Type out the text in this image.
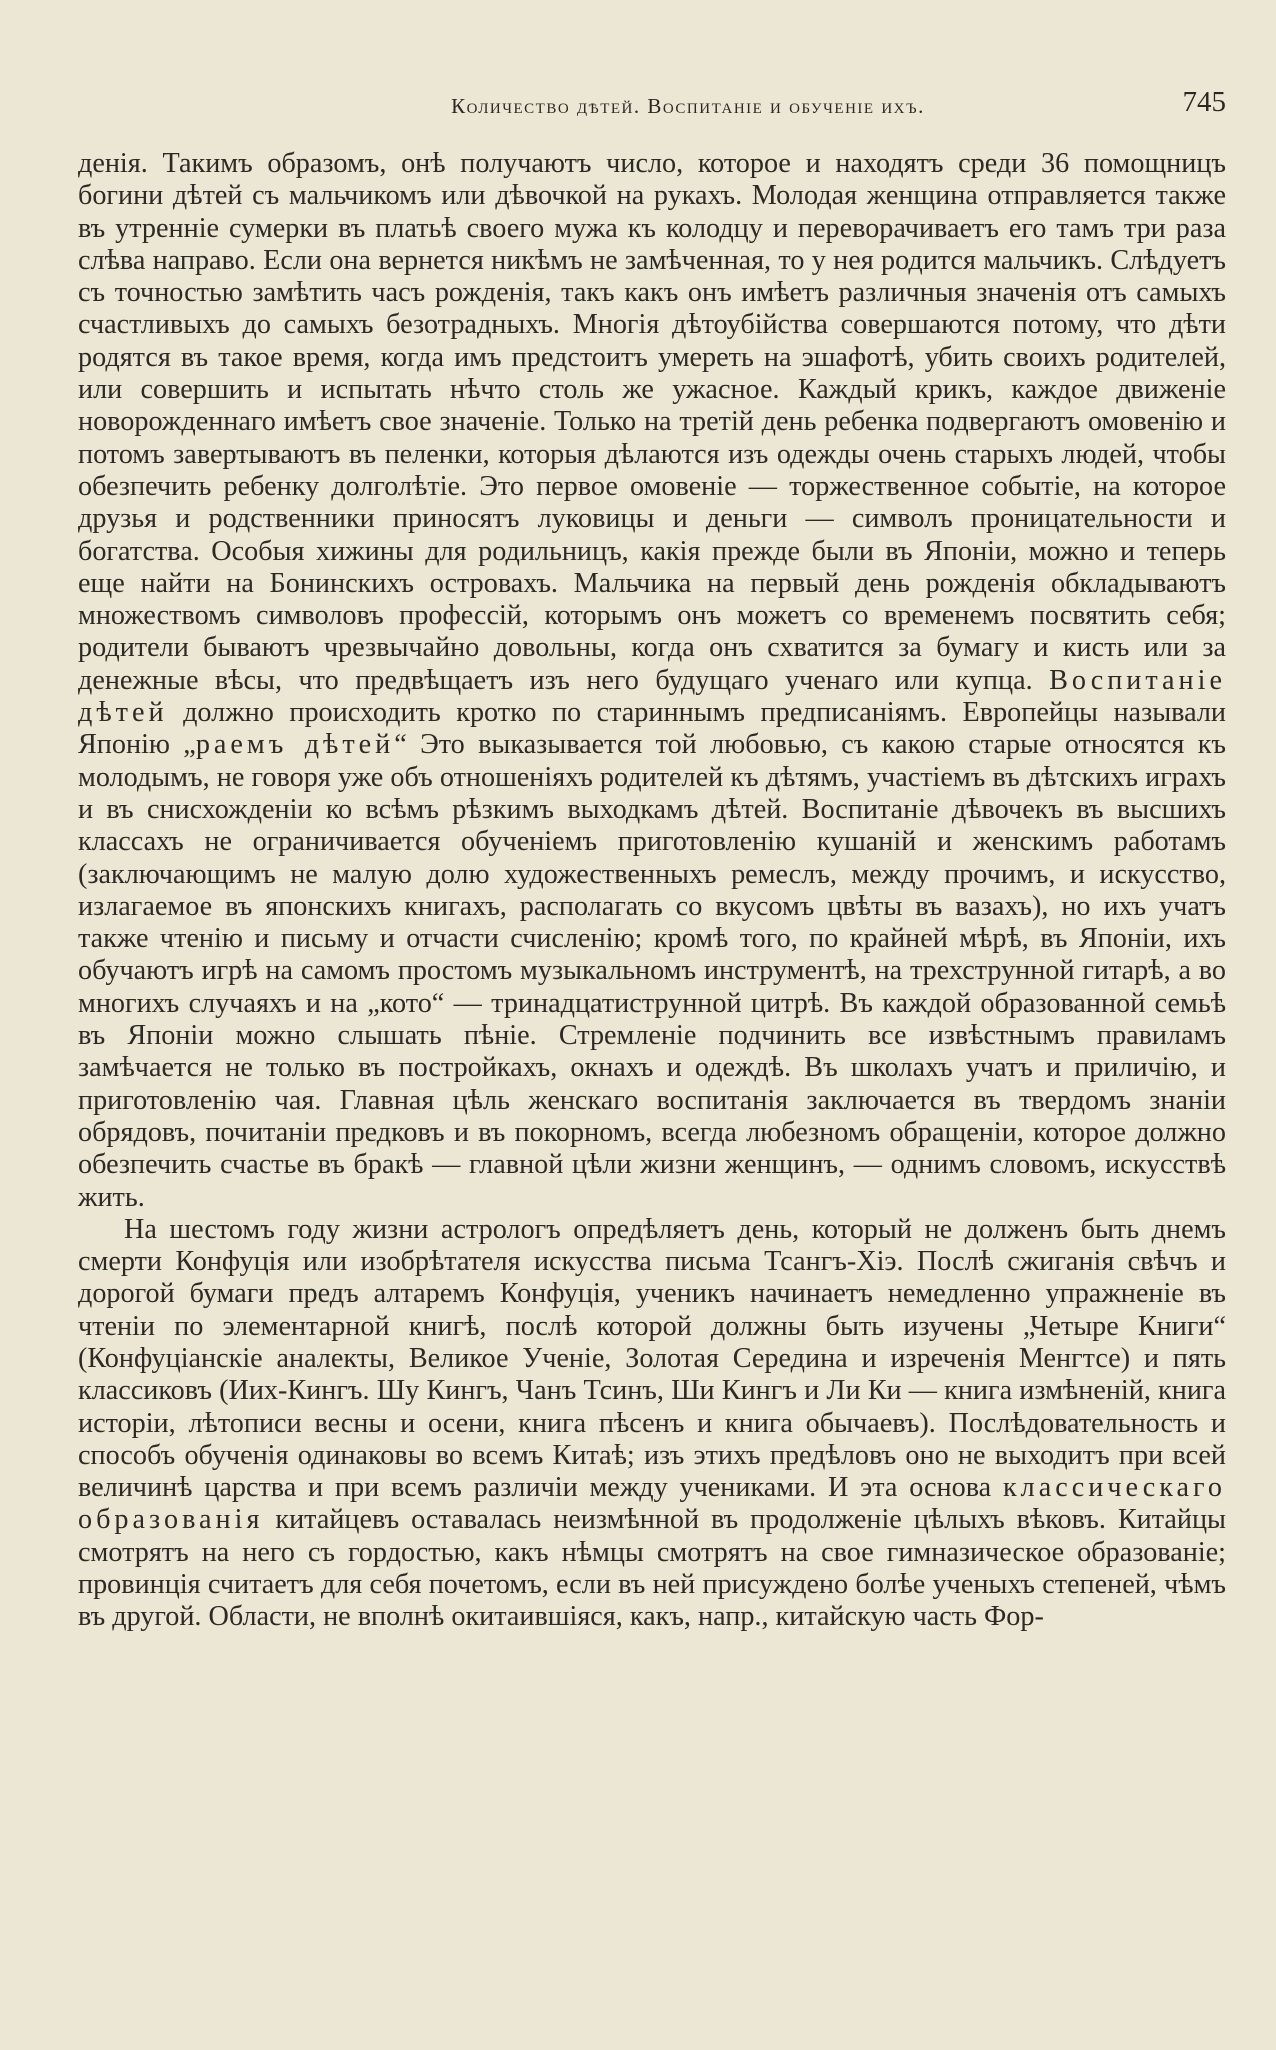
Количество дѣтей. Воспитаніе и обученіе ихъ.	745

денія. Такимъ образомъ, онѣ получаютъ число, которое и находятъ среди 36 помощницъ богини дѣтей съ мальчикомъ или дѣвочкой на рукахъ. Молодая женщина отправляется также въ утренніе сумерки въ платьѣ своего мужа къ колодцу и переворачиваетъ его тамъ три раза слѣва направо. Если она вернется никѣмъ не замѣченная, то у нея родится мальчикъ. Слѣдуетъ съ точностью замѣтить часъ рожденія, такъ какъ онъ имѣетъ различныя значенія отъ самыхъ счастливыхъ до самыхъ безотрадныхъ. Многія дѣтоубійства совершаются потому, что дѣти родятся въ такое время, когда имъ предстоитъ умереть на эшафотѣ, убить своихъ родителей, или совершить и испытать нѣчто столь же ужасное. Каждый крикъ, каждое движеніе новорожденнаго имѣетъ свое значеніе. Только на третій день ребенка подвергаютъ омовенію и потомъ завертываютъ въ пеленки, которыя дѣлаются изъ одежды очень старыхъ людей, чтобы обезпечить ребенку долголѣтіе. Это первое омовеніе — торжественное событіе, на которое друзья и родственники приносятъ луковицы и деньги — символъ проницательности и богатства. Особыя хижины для родильницъ, какія прежде были въ Японіи, можно и теперь еще найти на Бонинскихъ островахъ. Мальчика на первый день рожденія обкладываютъ множествомъ символовъ профессій, которымъ онъ можетъ со временемъ посвятить себя; родители бываютъ чрезвычайно довольны, когда онъ схватится за бумагу и кисть или за денежные вѣсы, что предвѣщаетъ изъ него будущаго ученаго или купца. Воспитаніе дѣтей должно происходить кротко по стариннымъ предписаніямъ. Европейцы называли Японію „раемъ дѣтей“ Это выказывается той любовью, съ какою старые относятся къ молодымъ, не говоря уже объ отношеніяхъ родителей къ дѣтямъ, участіемъ въ дѣтскихъ играхъ и въ снисхожденіи ко всѣмъ рѣзкимъ выходкамъ дѣтей. Воспитаніе дѣвочекъ въ высшихъ классахъ не ограничивается обученіемъ приготовленію кушаній и женскимъ работамъ (заключающимъ не малую долю художественныхъ ремеслъ, между прочимъ, и искусство, излагаемое въ японскихъ книгахъ, располагать со вкусомъ цвѣты въ вазахъ), но ихъ учатъ также чтенію и письму и отчасти счисленію; кромѣ того, по крайней мѣрѣ, въ Японіи, ихъ обучаютъ игрѣ на самомъ простомъ музыкальномъ инструментѣ, на трехструнной гитарѣ, а во многихъ случаяхъ и на „кото“ — тринадцатиструнной цитрѣ. Въ каждой образованной семьѣ въ Японіи можно слышать пѣніе. Стремленіе подчинить все извѣстнымъ правиламъ замѣчается не только въ постройкахъ, окнахъ и одеждѣ. Въ школахъ учатъ и приличію, и приготовленію чая. Главная цѣль женскаго воспитанія заключается въ твердомъ знаніи обрядовъ, почитаніи предковъ и въ покорномъ, всегда любезномъ обращеніи, которое должно обезпечить счастье въ бракѣ — главной цѣли жизни женщинъ, — однимъ словомъ, искусствѣ жить.

На шестомъ году жизни астрологъ опредѣляетъ день, который не долженъ быть днемъ смерти Конфуція или изобрѣтателя искусства письма Тсангъ-Хіэ. Послѣ сжиганія свѣчъ и дорогой бумаги предъ алтаремъ Конфуція, ученикъ начинаетъ немедленно упражненіе въ чтеніи по элементарной книгѣ, послѣ которой должны быть изучены „Четыре Книги“ (Конфуціанскіе аналекты, Великое Ученіе, Золотая Середина и изреченія Менгтсе) и пять классиковъ (Иих-Кингъ. Шу Кингъ, Чанъ Тсинъ, Ши Кингъ и Ли Ки — книга измѣненій, книга исторіи, лѣтописи весны и осени, книга пѣсенъ и книга обычаевъ). Послѣдовательность и способъ обученія одинаковы во всемъ Китаѣ; изъ этихъ предѣловъ оно не выходитъ при всей величинѣ царства и при всемъ различіи между учениками. И эта основа классическаго образованія китайцевъ оставалась неизмѣнной въ продолженіе цѣлыхъ вѣковъ. Китайцы смотрятъ на него съ гордостью, какъ нѣмцы смотрятъ на свое гимназическое образованіе; провинція считаетъ для себя почетомъ, если въ ней присуждено болѣе ученыхъ степеней, чѣмъ въ другой. Области, не вполнѣ окитаившіяся, какъ, напр., китайскую часть Фор-
